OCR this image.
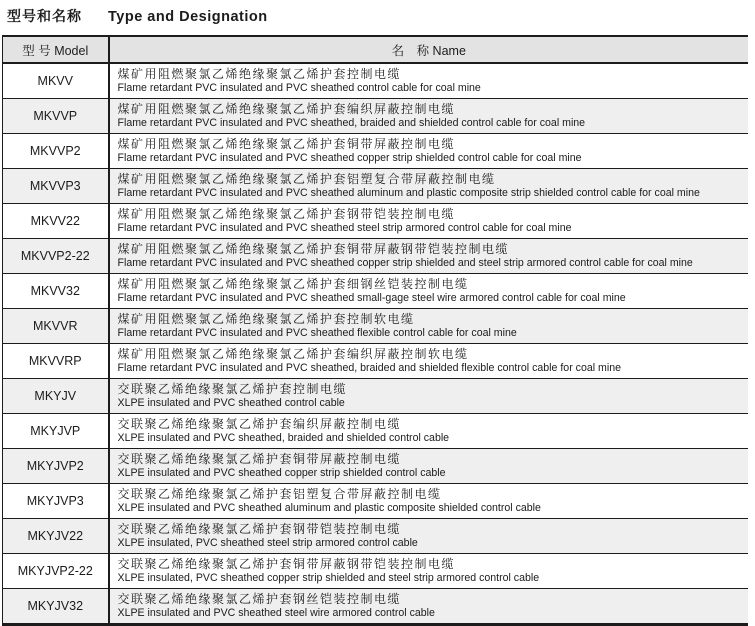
型号和名称 Type and Designation
型 号 Model	名　称 Name
MKVV	煤矿用阻燃聚氯乙烯绝缘聚氯乙烯护套控制电缆
Flame retardant PVC insulated and PVC sheathed control cable for coal mine

MKVVP	煤矿用阻燃聚氯乙烯绝缘聚氯乙烯护套编织屏蔽控制电缆
Flame retardant PVC insulated and PVC sheathed, braided and shielded control cable for coal mine

MKVVP2	煤矿用阻燃聚氯乙烯绝缘聚氯乙烯护套铜带屏蔽控制电缆
Flame retardant PVC insulated and PVC sheathed copper strip shielded control cable for coal mine

MKVVP3	煤矿用阻燃聚氯乙烯绝缘聚氯乙烯护套铝塑复合带屏蔽控制电缆
Flame retardant PVC insulated and PVC sheathed aluminum and plastic composite strip shielded control cable for coal mine

MKVV22	煤矿用阻燃聚氯乙烯绝缘聚氯乙烯护套钢带铠装控制电缆
Flame retardant PVC insulated and PVC sheathed steel strip armored control cable for coal mine

MKVVP2-22	煤矿用阻燃聚氯乙烯绝缘聚氯乙烯护套铜带屏蔽钢带铠装控制电缆
Flame retardant PVC insulated and PVC sheathed copper strip shielded and steel strip armored control cable for coal mine

MKVV32	煤矿用阻燃聚氯乙烯绝缘聚氯乙烯护套细钢丝铠装控制电缆
Flame retardant PVC insulated and PVC sheathed small-gage steel wire armored control cable for coal mine

MKVVR	煤矿用阻燃聚氯乙烯绝缘聚氯乙烯护套控制软电缆
Flame retardant PVC insulated and PVC sheathed flexible control cable for coal mine

MKVVRP	煤矿用阻燃聚氯乙烯绝缘聚氯乙烯护套编织屏蔽控制软电缆
Flame retardant PVC insulated and PVC sheathed, braided and shielded flexible control cable for coal mine

MKYJV	交联聚乙烯绝缘聚氯乙烯护套控制电缆
XLPE insulated and PVC sheathed control cable

MKYJVP	交联聚乙烯绝缘聚氯乙烯护套编织屏蔽控制电缆
XLPE insulated and PVC sheathed, braided and shielded control cable

MKYJVP2	交联聚乙烯绝缘聚氯乙烯护套铜带屏蔽控制电缆
XLPE insulated and PVC sheathed copper strip shielded control cable

MKYJVP3	交联聚乙烯绝缘聚氯乙烯护套铝塑复合带屏蔽控制电缆
XLPE insulated and PVC sheathed aluminum and plastic composite shielded control cable

MKYJV22	交联聚乙烯绝缘聚氯乙烯护套钢带铠装控制电缆
XLPE insulated, PVC sheathed steel strip armored control cable

MKYJVP2-22	交联聚乙烯绝缘聚氯乙烯护套铜带屏蔽钢带铠装控制电缆
XLPE insulated, PVC sheathed copper strip shielded and steel strip armored control cable

MKYJV32	交联聚乙烯绝缘聚氯乙烯护套钢丝铠装控制电缆
XLPE insulated and PVC sheathed steel wire armored control cable
